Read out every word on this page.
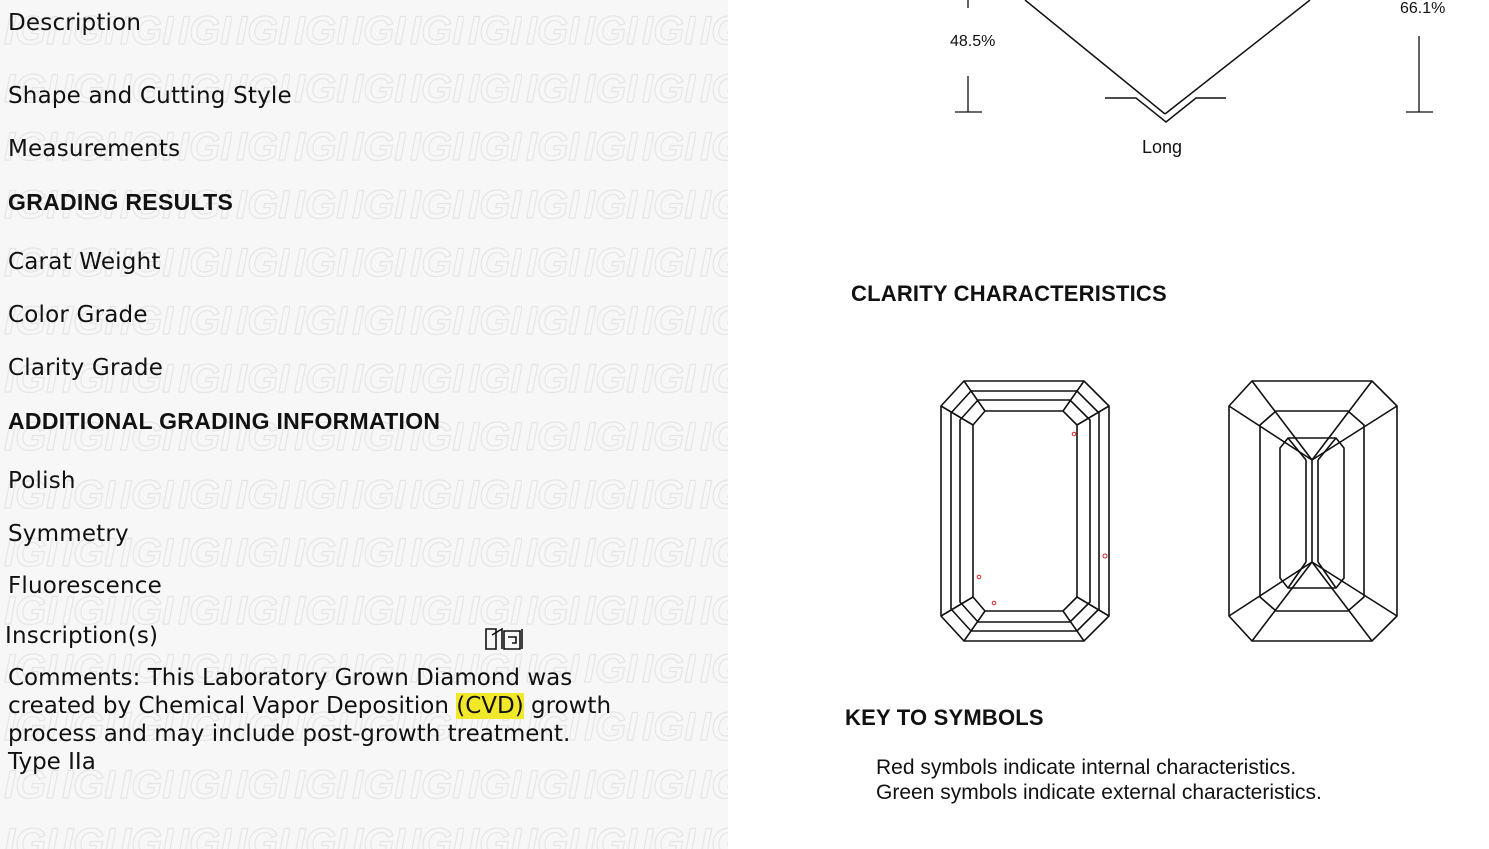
Description
Shape and Cutting Style
Measurements
GRADING RESULTS
Carat Weight
Color Grade
Clarity Grade
ADDITIONAL GRADING INFORMATION
Polish
Symmetry
Fluorescence
Inscription(s)
Comments: This Laboratory Grown Diamond was
created by Chemical Vapor Deposition (CVD) growth
process and may include post-growth treatment.
Type IIa
48.5%
Long
66.1%
CLARITY CHARACTERISTICS
KEY TO SYMBOLS
Red symbols indicate internal characteristics.
Green symbols indicate external characteristics.
